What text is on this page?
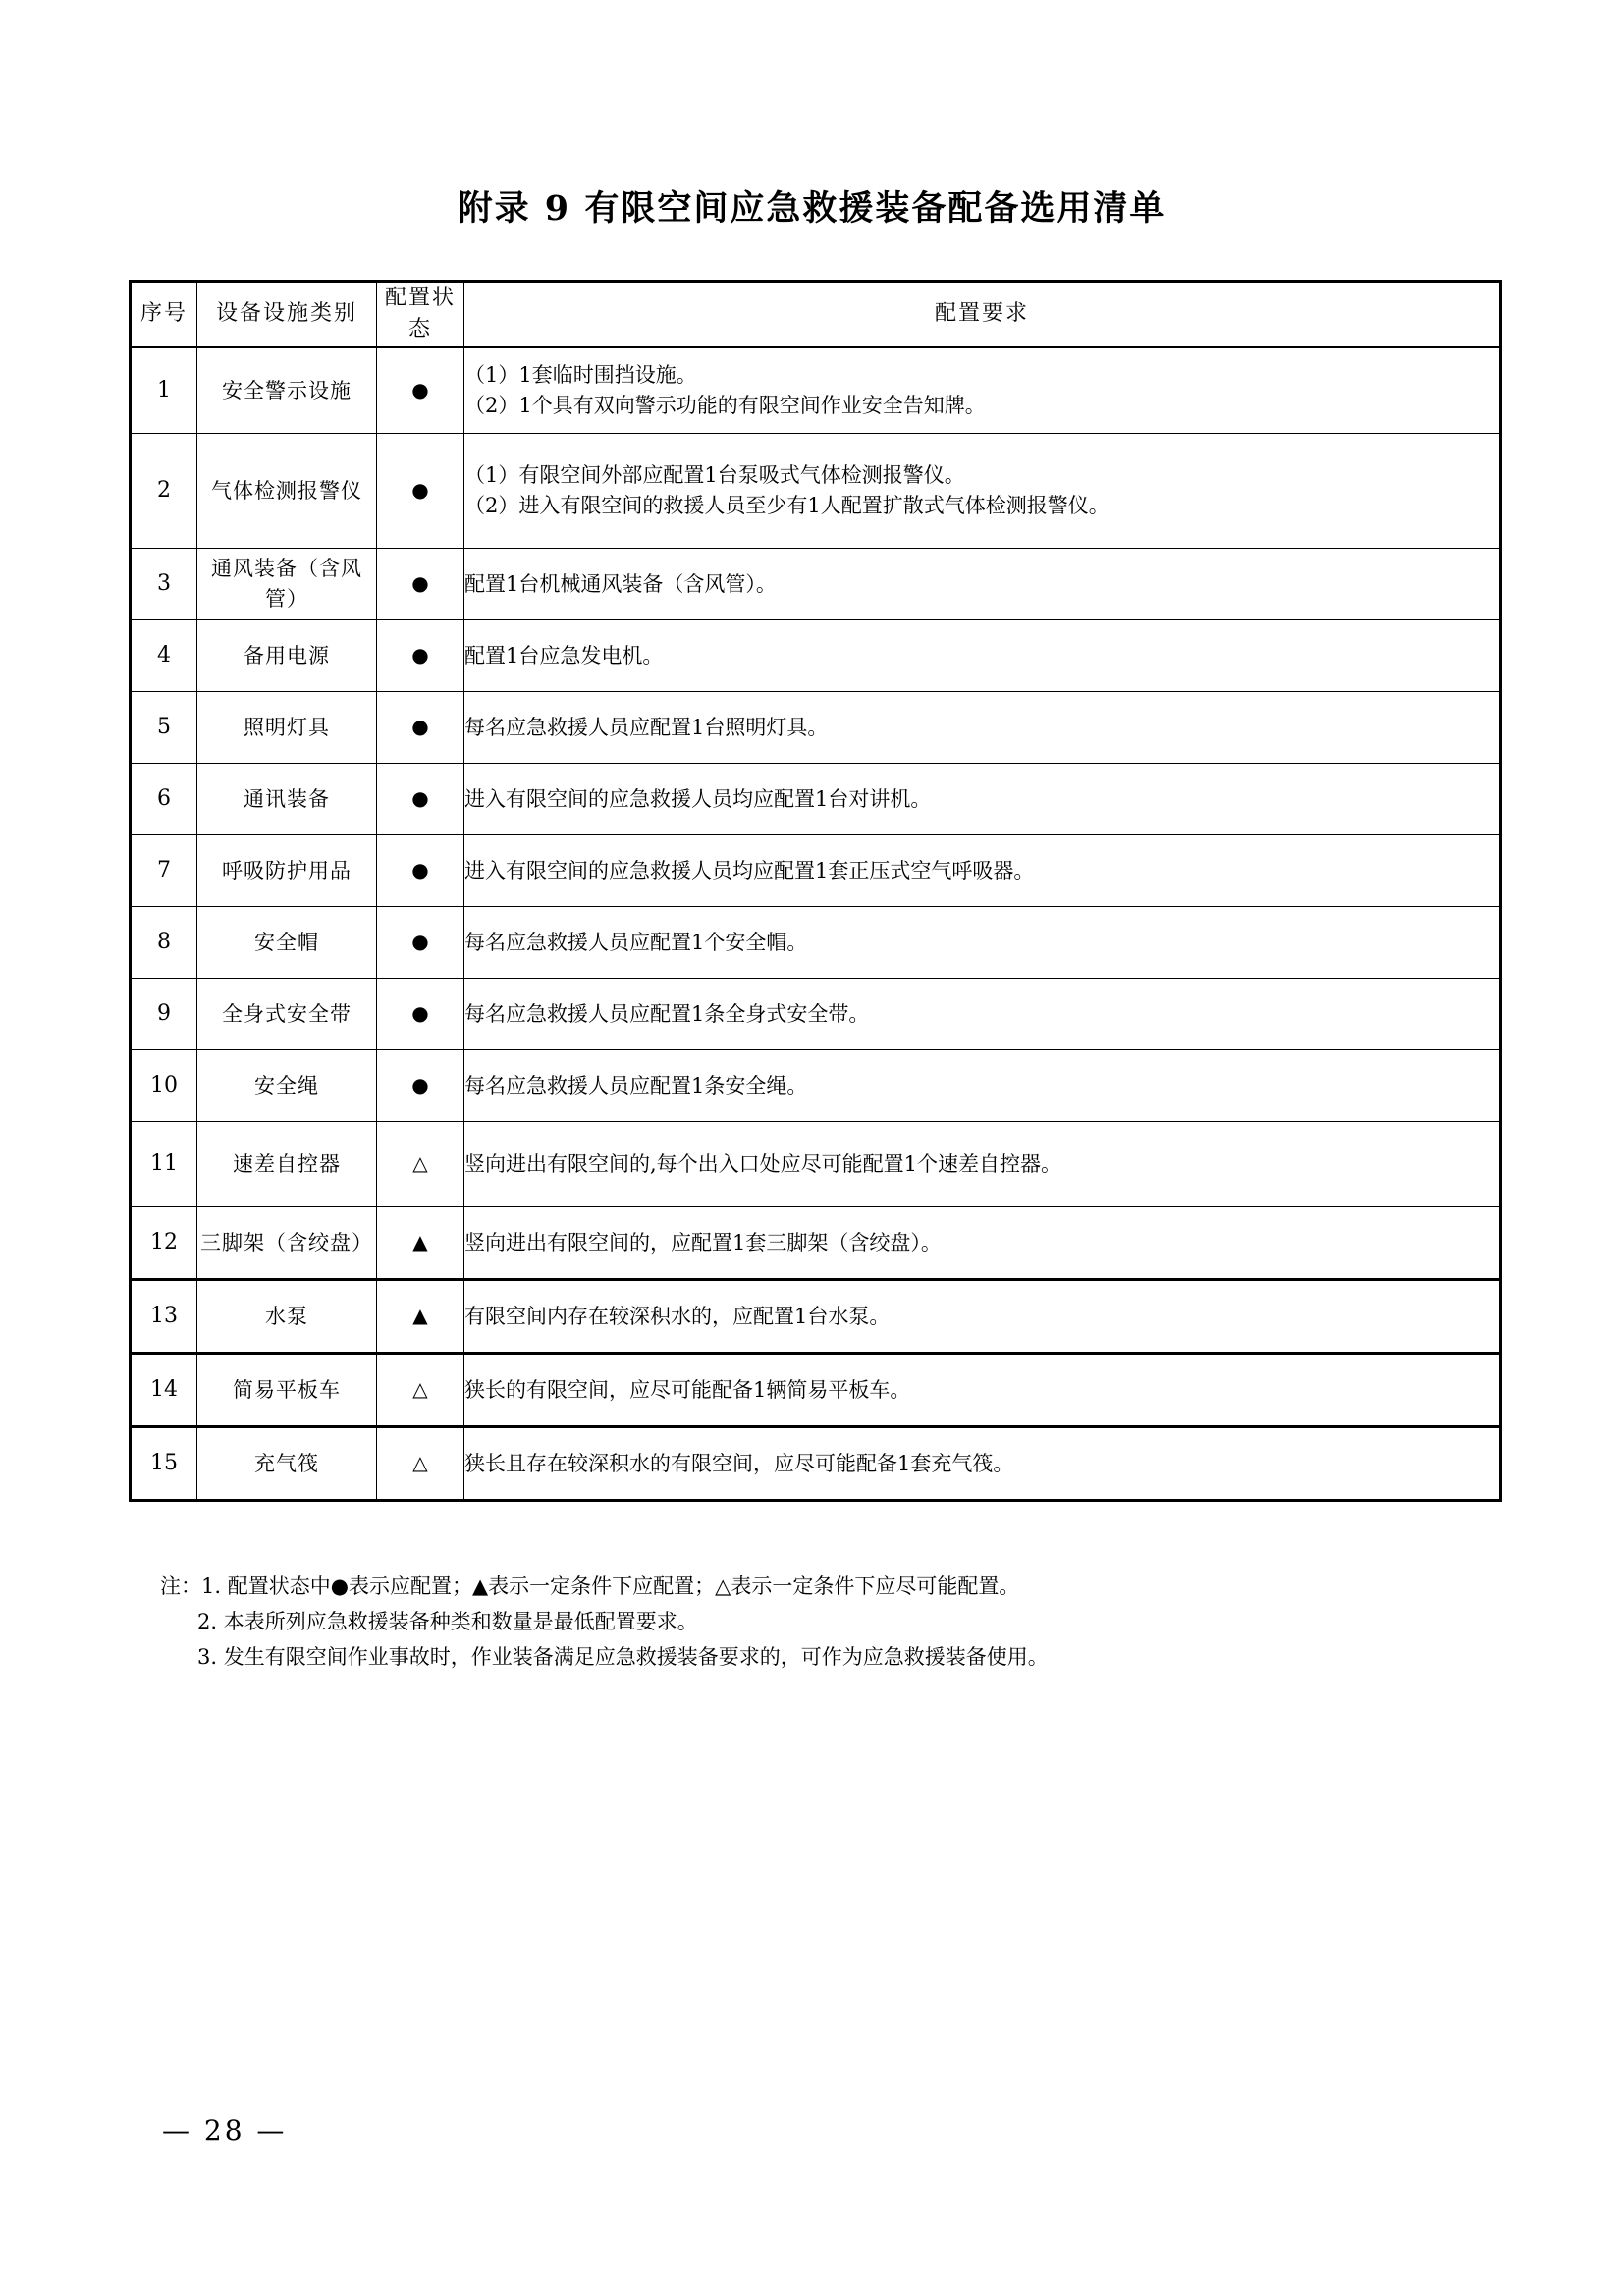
附录 9 有限空间应急救援装备配备选用清单
序号	设备设施类别	配置状态	配置要求
1	安全警示设施	●	（1）1套临时围挡设施。
（2）1个具有双向警示功能的有限空间作业安全告知牌。

2	气体检测报警仪	●	（1）有限空间外部应配置1台泵吸式气体检测报警仪。
（2）进入有限空间的救援人员至少有1人配置扩散式气体检测报警仪。

3	通风装备（含风管）	●	配置1台机械通风装备（含风管）。

4	备用电源	●	配置1台应急发电机。

5	照明灯具	●	每名应急救援人员应配置1台照明灯具。

6	通讯装备	●	进入有限空间的应急救援人员均应配置1台对讲机。

7	呼吸防护用品	●	进入有限空间的应急救援人员均应配置1套正压式空气呼吸器。

8	安全帽	●	每名应急救援人员应配置1个安全帽。

9	全身式安全带	●	每名应急救援人员应配置1条全身式安全带。

10	安全绳	●	每名应急救援人员应配置1条安全绳。

11	速差自控器	△	竖向进出有限空间的,每个出入口处应尽可能配置1个速差自控器。

12	三脚架（含绞盘）	▲	竖向进出有限空间的，应配置1套三脚架（含绞盘）。

13	水泵	▲	有限空间内存在较深积水的，应配置1台水泵。

14	简易平板车	△	狭长的有限空间，应尽可能配备1辆简易平板车。

15	充气筏	△	狭长且存在较深积水的有限空间，应尽可能配备1套充气筏。
注：1. 配置状态中●表示应配置；▲表示一定条件下应配置；△表示一定条件下应尽可能配置。
2. 本表所列应急救援装备种类和数量是最低配置要求。
3. 发生有限空间作业事故时，作业装备满足应急救援装备要求的，可作为应急救援装备使用。
— 28 —
